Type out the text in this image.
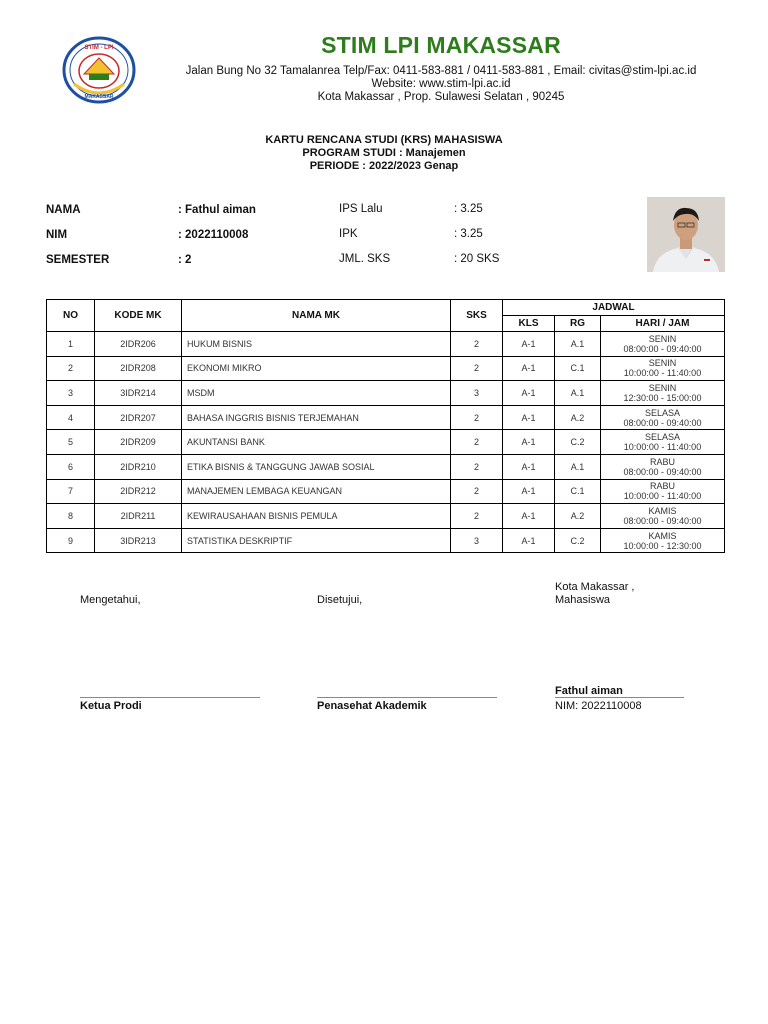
STIM - LPI
MAKASSAR
STIM LPI MAKASSAR
Jalan Bung No 32 Tamalanrea Telp/Fax: 0411-583-881 / 0411-583-881 , Email: civitas@stim-lpi.ac.id
Website: www.stim-lpi.ac.id
Kota Makassar , Prop. Sulawesi Selatan , 90245
KARTU RENCANA STUDI (KRS) MAHASISWA
PROGRAM STUDI : Manajemen
PERIODE : 2022/2023 Genap
NAMA	: Fathul aiman
NIM	: 2022110008
SEMESTER	: 2
IPS Lalu	: 3.25
IPK	: 3.25
JML. SKS	: 20 SKS
NO	KODE MK	NAMA MK	SKS	JADWAL		
				KLS	RG	HARI / JAM
1	2IDR206	HUKUM BISNIS	2	A-1	A.1	SENIN
08:00:00 - 09:40:00

2	2IDR208	EKONOMI MIKRO	2	A-1	C.1	SENIN
10:00:00 - 11:40:00

3	3IDR214	MSDM	3	A-1	A.1	SENIN
12:30:00 - 15:00:00

4	2IDR207	BAHASA INGGRIS BISNIS TERJEMAHAN	2	A-1	A.2	SELASA
08:00:00 - 09:40:00

5	2IDR209	AKUNTANSI BANK	2	A-1	C.2	SELASA
10:00:00 - 11:40:00

6	2IDR210	ETIKA BISNIS & TANGGUNG JAWAB SOSIAL	2	A-1	A.1	RABU
08:00:00 - 09:40:00

7	2IDR212	MANAJEMEN LEMBAGA KEUANGAN	2	A-1	C.1	RABU
10:00:00 - 11:40:00

8	2IDR211	KEWIRAUSAHAAN BISNIS PEMULA	2	A-1	A.2	KAMIS
08:00:00 - 09:40:00

9	3IDR213	STATISTIKA DESKRIPTIF	3	A-1	C.2	KAMIS
10:00:00 - 12:30:00
Mengetahui,	Disetujui,
Kota Makassar ,
Mahasiswa
Ketua Prodi	Penasehat Akademik
Fathul aiman
NIM: 2022110008
